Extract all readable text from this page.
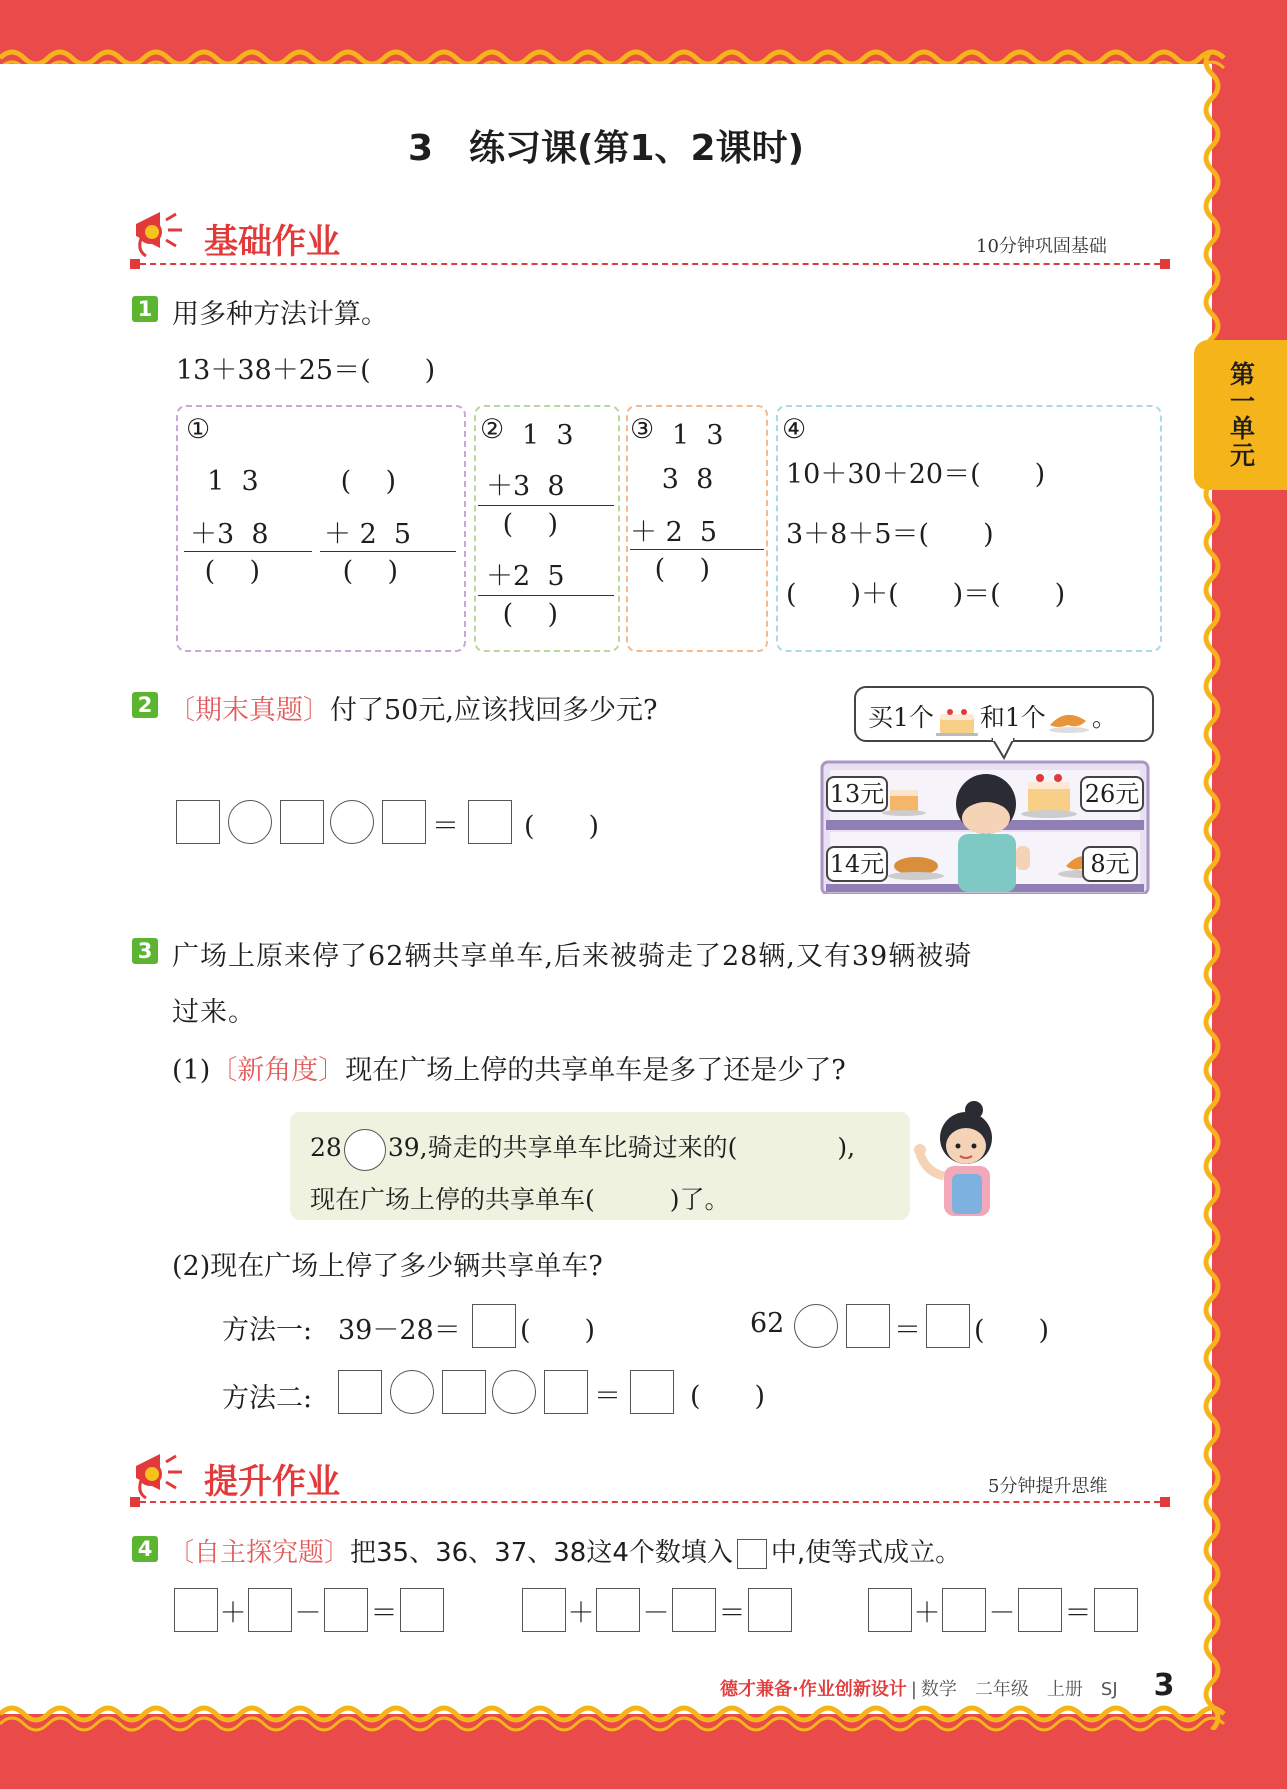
第一单元
3　练习课(第1、2课时)
基础作业	10分钟巩固基础
1 用多种方法计算。
13＋38＋25＝(　　)
①
1  3
＋3  8
(    )
(    )
＋ 2  5
(    )
② 1  3
＋3  8
(    )
＋2  5
(    )
③ 1  3
3  8
＋ 2  5
(    )
④
10＋30＋20＝(　　)
3＋8＋5＝(　　)
(　　)＋(　　)＝(　　)
2 〔期末真题〕付了50元,应该找回多少元?
＝ (　　)
买1个 和1个 。
13元	26元
14元	8元
3 广场上原来停了62辆共享单车,后来被骑走了28辆,又有39辆被骑
过来。
(1)〔新角度〕现在广场上停的共享单车是多了还是少了?
28 39,骑走的共享单车比骑过来的(　　　　),
现在广场上停的共享单车(　　　)了。
(2)现在广场上停了多少辆共享单车?
方法一: 39－28＝ (　　)	62	＝ (　　)
方法二:	＝	(　　)
提升作业	5分钟提升思维
4 〔自主探究题〕把35、36、37、38这4个数填入 中,使等式成立。
＋ － ＝	＋ － ＝	＋ － ＝
德才兼备·作业创新设计 | 数学　二年级　上册　SJ 3
